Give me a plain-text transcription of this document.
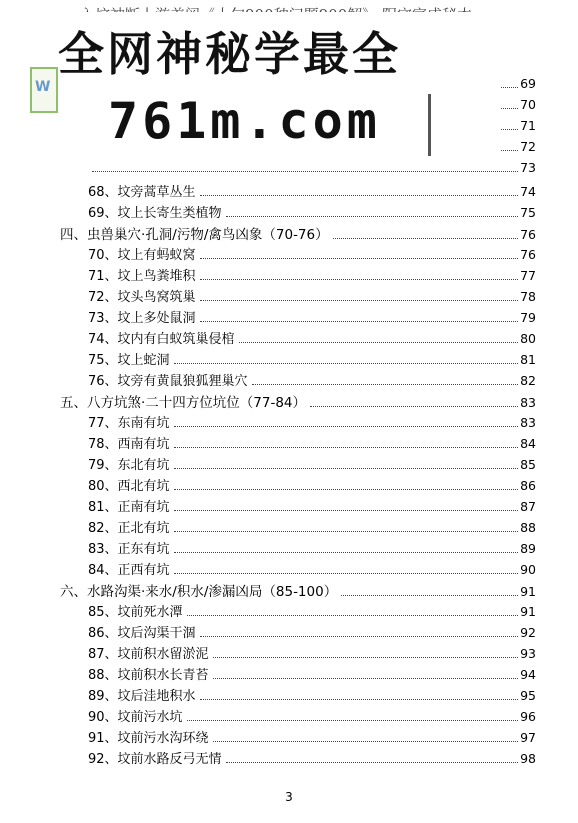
69
70
71
72
73
68、坟旁蒿草丛生	74
69、坟上长寄生类植物	75
四、虫兽巢穴·孔洞/污物/禽鸟凶象（70-76）	76
70、坟上有蚂蚁窝	76
71、坟上鸟粪堆积	77
72、坟头鸟窝筑巢	78
73、坟上多处鼠洞	79
74、坟内有白蚁筑巢侵棺	80
75、坟上蛇洞	81
76、坟旁有黄鼠狼狐狸巢穴	82
五、八方坑煞·二十四方位坑位（77-84）	83
77、东南有坑	83
78、西南有坑	84
79、东北有坑	85
80、西北有坑	86
81、正南有坑	87
82、正北有坑	88
83、正东有坑	89
84、正西有坑	90
六、水路沟渠·来水/积水/渗漏凶局（85-100）	91
85、坟前死水潭	91
86、坟后沟渠干涸	92
87、坟前积水留淤泥	93
88、坟前积水长青苔	94
89、坟后洼地积水	95
90、坟前污水坑	96
91、坟前污水沟环绕	97
92、坟前水路反弓无情	98
W
全网神秘学最全
761m.com
3
